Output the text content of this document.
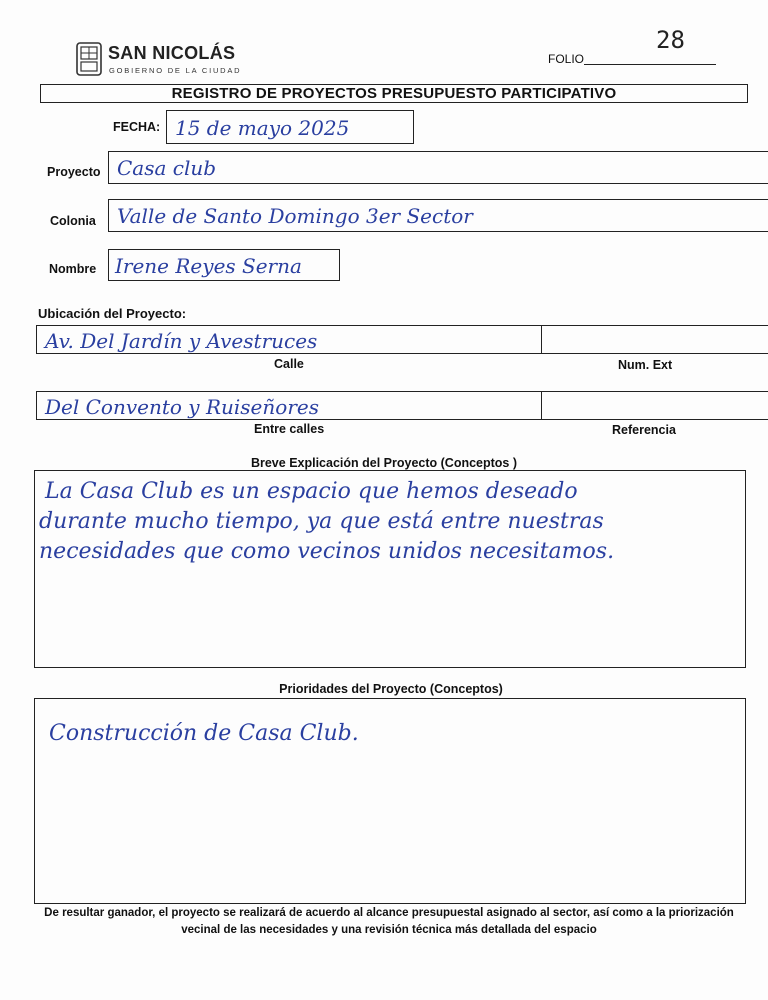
SAN NICOLÁS
GOBIERNO DE LA CIUDAD
FOLIO
28
REGISTRO DE PROYECTOS PRESUPUESTO PARTICIPATIVO
FECHA: 15 de mayo 2025
Proyecto Casa club
Colonia Valle de Santo Domingo 3er Sector
Nombre Irene Reyes Serna
Ubicación del Proyecto:
Av. Del Jardín y Avestruces
Calle	Num. Ext
Del Convento y Ruiseñores
Entre calles	Referencia
Breve Explicación del Proyecto (Conceptos )
La Casa Club es un espacio que hemos deseado
durante mucho tiempo, ya que está entre nuestras
necesidades que como vecinos unidos necesitamos.
Prioridades del Proyecto (Conceptos)
Construcción de Casa Club.
De resultar ganador, el proyecto se realizará de acuerdo al alcance presupuestal asignado al sector, así como a la priorización
vecinal de las necesidades y una revisión técnica más detallada del espacio
